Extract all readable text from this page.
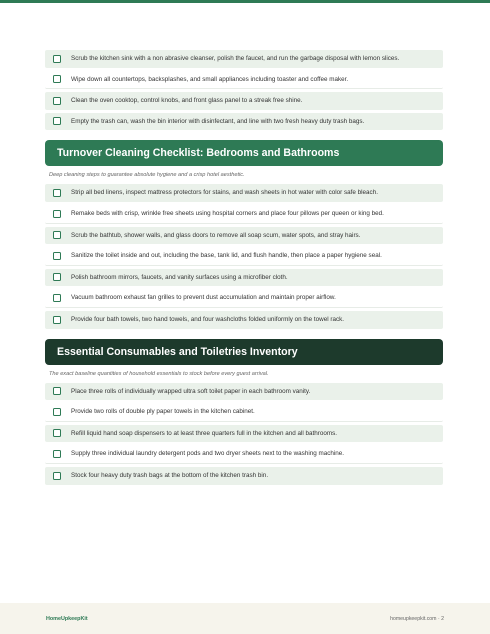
Scrub the kitchen sink with a non abrasive cleanser, polish the faucet, and run the garbage disposal with lemon slices.
Wipe down all countertops, backsplashes, and small appliances including toaster and coffee maker.
Clean the oven cooktop, control knobs, and front glass panel to a streak free shine.
Empty the trash can, wash the bin interior with disinfectant, and line with two fresh heavy duty trash bags.
Turnover Cleaning Checklist: Bedrooms and Bathrooms
Deep cleaning steps to guarantee absolute hygiene and a crisp hotel aesthetic.
Strip all bed linens, inspect mattress protectors for stains, and wash sheets in hot water with color safe bleach.
Remake beds with crisp, wrinkle free sheets using hospital corners and place four pillows per queen or king bed.
Scrub the bathtub, shower walls, and glass doors to remove all soap scum, water spots, and stray hairs.
Sanitize the toilet inside and out, including the base, tank lid, and flush handle, then place a paper hygiene seal.
Polish bathroom mirrors, faucets, and vanity surfaces using a microfiber cloth.
Vacuum bathroom exhaust fan grilles to prevent dust accumulation and maintain proper airflow.
Provide four bath towels, two hand towels, and four washcloths folded uniformly on the towel rack.
Essential Consumables and Toiletries Inventory
The exact baseline quantities of household essentials to stock before every guest arrival.
Place three rolls of individually wrapped ultra soft toilet paper in each bathroom vanity.
Provide two rolls of double ply paper towels in the kitchen cabinet.
Refill liquid hand soap dispensers to at least three quarters full in the kitchen and all bathrooms.
Supply three individual laundry detergent pods and two dryer sheets next to the washing machine.
Stock four heavy duty trash bags at the bottom of the kitchen trash bin.
HomeUpkeepKit	homeupkeepkit.com · 2
